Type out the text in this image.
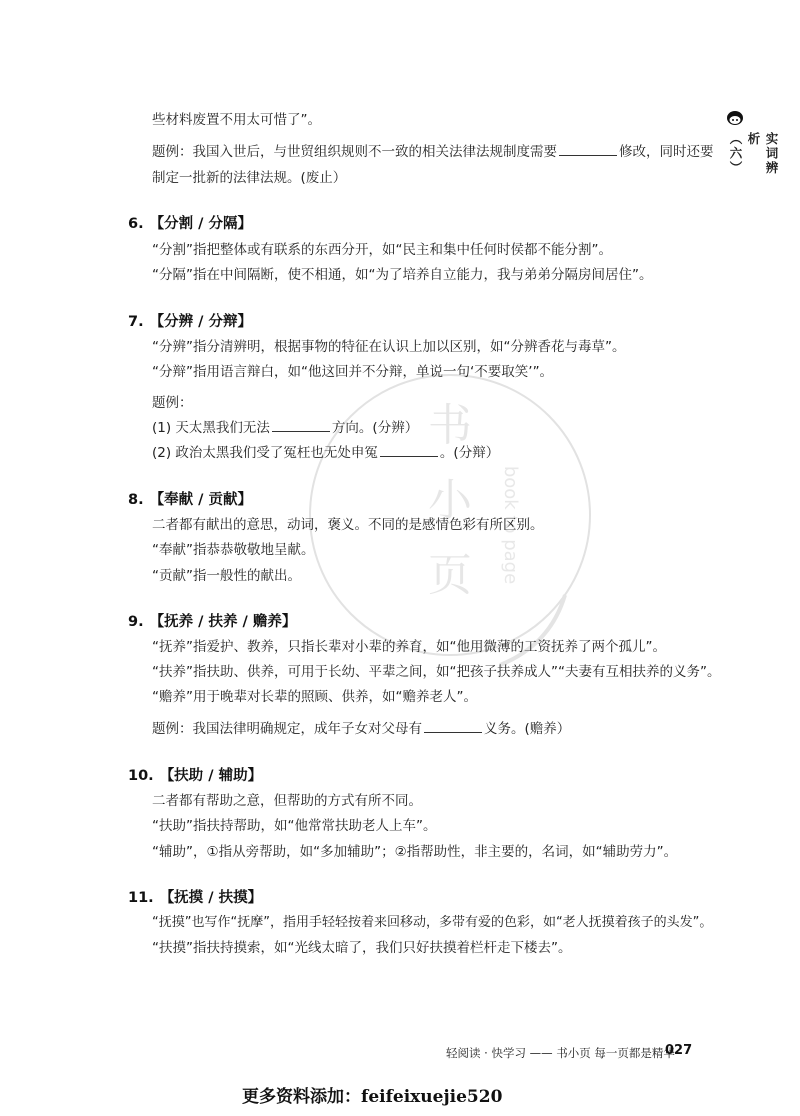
书
小
页 book to page
实词辨析（六）
些材料废置不用太可惜了”。
题例：我国入世后，与世贸组织规则不一致的相关法律法规制度需要	修改，同时还要
制定一批新的法律法规。(废止）
6. 【分割 / 分隔】
“分割”指把整体或有联系的东西分开，如“民主和集中任何时侯都不能分割”。
“分隔”指在中间隔断，使不相通，如“为了培养自立能力，我与弟弟分隔房间居住”。
7. 【分辨 / 分辩】
“分辨”指分清辨明，根据事物的特征在认识上加以区别，如“分辨香花与毒草”。
“分辩”指用语言辩白，如“他这回并不分辩，单说一句‘不要取笑’”。
题例：
(1) 天太黑我们无法	方向。(分辨）
(2) 政治太黑我们受了冤枉也无处申冤	。(分辩）
8. 【奉献 / 贡献】
二者都有献出的意思，动词，褒义。不同的是感情色彩有所区别。
“奉献”指恭恭敬敬地呈献。
“贡献”指一般性的献出。
9. 【抚养 / 扶养 / 赡养】
“抚养”指爱护、教养，只指长辈对小辈的养育，如“他用微薄的工资抚养了两个孤儿”。
“扶养”指扶助、供养，可用于长幼、平辈之间，如“把孩子扶养成人”“夫妻有互相扶养的义务”。
“赡养”用于晚辈对长辈的照顾、供养，如“赡养老人”。
题例：我国法律明确规定，成年子女对父母有	义务。(赡养）
10. 【扶助 / 辅助】
二者都有帮助之意，但帮助的方式有所不同。
“扶助”指扶持帮助，如“他常常扶助老人上车”。
“辅助”，①指从旁帮助，如“多加辅助”；②指帮助性，非主要的，名词，如“辅助劳力”。
11. 【抚摸 / 扶摸】
“抚摸”也写作“抚摩”，指用手轻轻按着来回移动，多带有爱的色彩，如“老人抚摸着孩子的头发”。
“扶摸”指扶持摸索，如“光线太暗了，我们只好扶摸着栏杆走下楼去”。
轻阅读 · 快学习 —— 书小页 每一页都是精华
027
更多资料添加：feifeixuejie520
